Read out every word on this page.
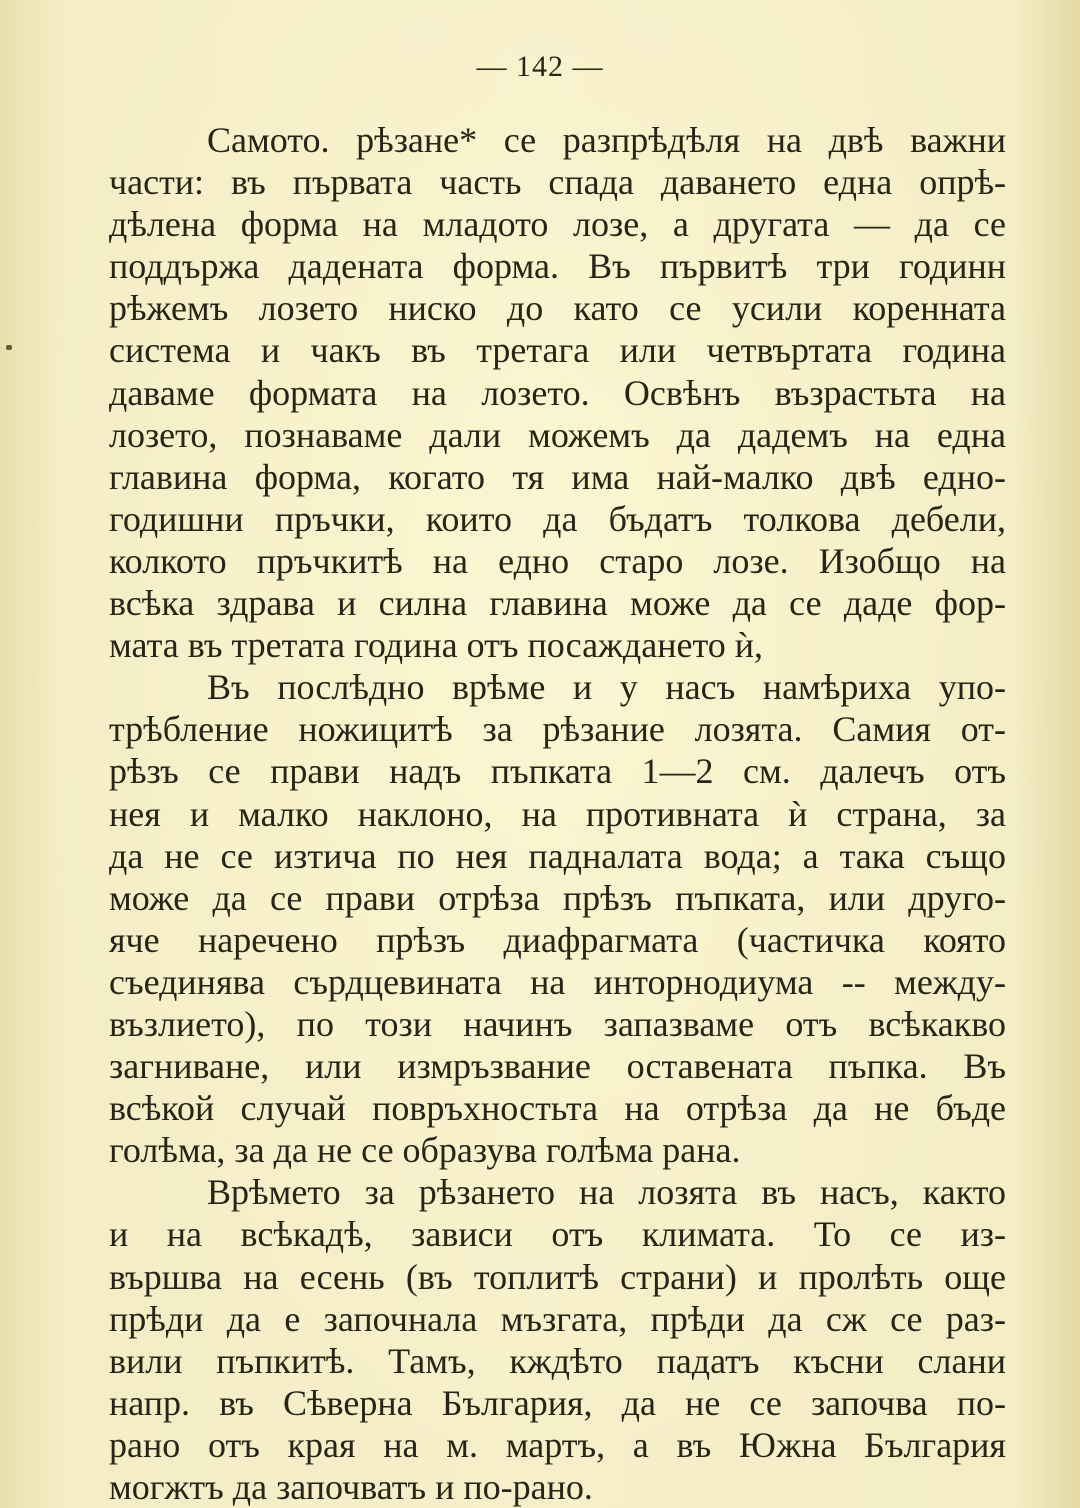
— 142 —

Самото. рѣзане* се разпрѣдѣля на двѣ важни
части: въ първата часть спада даването една опрѣ-
дѣлена форма на младото лозе, а другата — да се
поддържа дадената форма. Въ първитѣ три годинн
рѣжемъ лозето ниско до като се усили коренната
система и чакъ въ третага или четвъртата година
даваме формата на лозето. Освѣнъ възрастьта на
лозето, познаваме дали можемъ да дадемъ на една
главина форма, когато тя има най-малко двѣ едно-
годишни пръчки, които да бъдатъ толкова дебели,
колкото пръчкитѣ на едно старо лозе. Изобщо на
всѣка здрава и силна главина може да се даде фор-
мата въ третата година отъ посаждането ѝ,

Въ послѣдно врѣме и у насъ намѣриха упо-
трѣбление ножицитѣ за рѣзание лозята. Самия от-
рѣзъ се прави надъ пъпката 1—2 см. далечъ отъ
нея и малко наклоно, на противната ѝ страна, за
да не се изтича по нея падналата вода; а така също
може да се прави отрѣза прѣзъ пъпката, или друго-
яче наречено прѣзъ диафрагмата (частичка която
съединява сърдцевината на инторнодиума -- между-
възлието), по този начинъ запазваме отъ всѣкакво
загниване, или измръзвание оставената пъпка. Въ
всѣкой случай повръхностьта на отрѣза да не бъде
голѣма, за да не се образува голѣма рана.

Врѣмето за рѣзането на лозята въ насъ, както
и на всѣкадѣ, зависи отъ климата. То се из-
вършва на есень (въ топлитѣ страни) и пролѣть още
прѣди да е започнала мъзгата, прѣди да сж се раз-
вили пъпкитѣ. Тамъ, кждѣто падатъ късни слани
напр. въ Сѣверна България, да не се започва по-
рано отъ края на м. мартъ, а въ Южна България
могжтъ да започватъ и по-рано.
